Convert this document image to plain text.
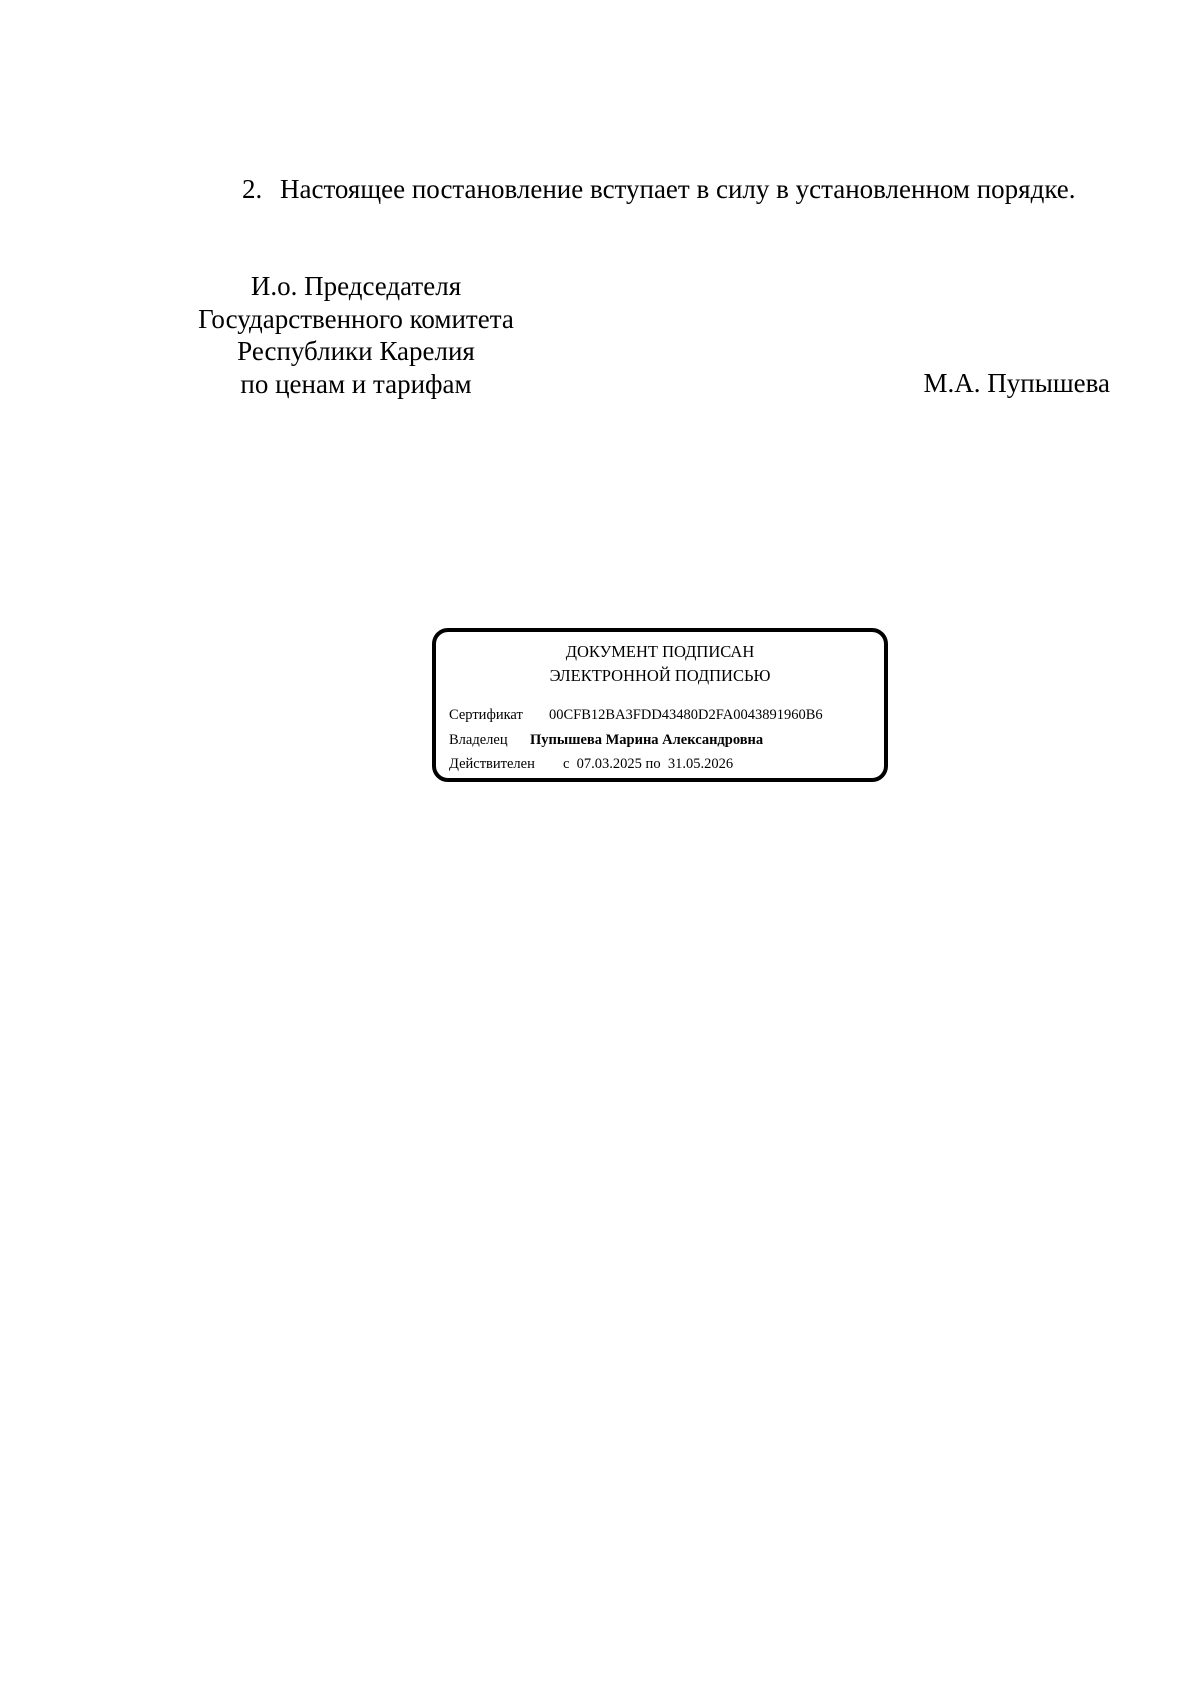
2. Настоящее постановление вступает в силу в установленном порядке.
И.о. Председателя
Государственного комитета
Республики Карелия
по ценам и тарифам	М.А. Пупышева
ДОКУМЕНТ ПОДПИСАН
ЭЛЕКТРОННОЙ ПОДПИСЬЮ
Сертификат 00CFB12BA3FDD43480D2FA0043891960B6
Владелец Пупышева Марина Александровна
Действителен с  07.03.2025 по  31.05.2026
